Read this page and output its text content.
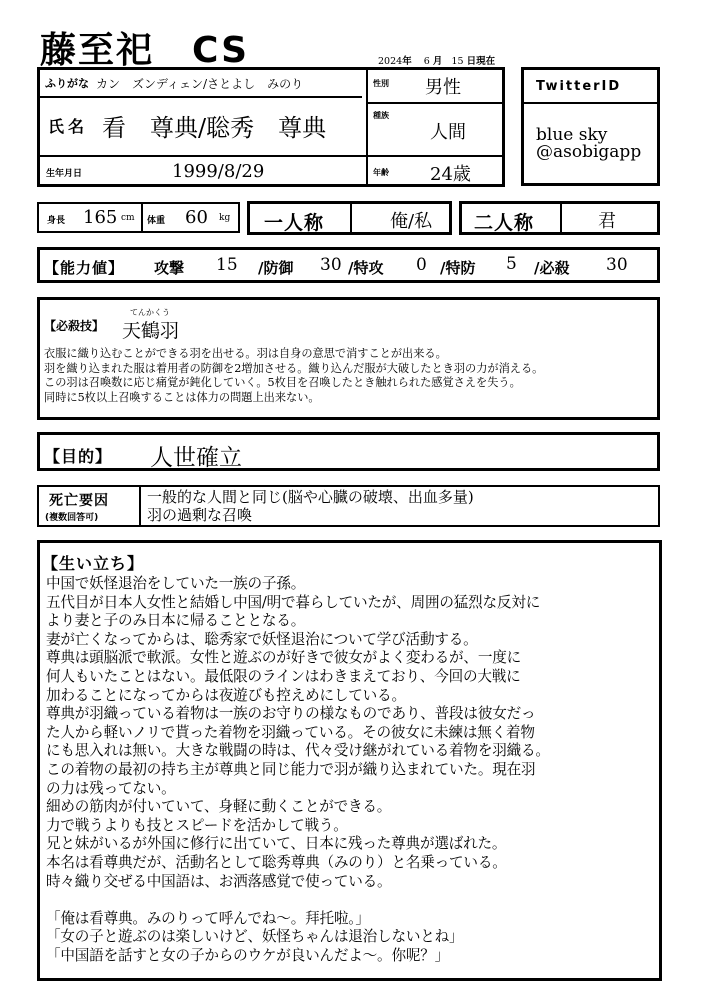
藤至祀　CS	2024年 6 月 15 日現在
ふりがな カン　ズンディェン/さとよし　みのり
氏名 看　尊典/聡秀　尊典
生年月日	1999/8/29
性別 男性
種族
人間
年齢 24歳
TwitterID
blue sky
@asobigapp
身長 165 cm 体重 60 kg 一人称	俺/私 二人称	君
【能力値】 攻撃 15 /防御 30 /特攻 0 /特防 5 /必殺 30
【必殺技】
てんかくう
天鶴羽
衣服に織り込むことができる羽を出せる。羽は自身の意思で消すことが出来る。
羽を織り込まれた服は着用者の防御を2増加させる。織り込んだ服が大破したとき羽の力が消える。
この羽は召喚数に応じ痛覚が鈍化していく。5枚目を召喚したとき触れられた感覚さえを失う。
同時に5枚以上召喚することは体力の問題上出来ない。
【目的】 人世確立
死亡要因
(複数回答可)
一般的な人間と同じ(脳や心臓の破壊、出血多量)
羽の過剰な召喚
【生い立ち】
中国で妖怪退治をしていた一族の子孫。
五代目が日本人女性と結婚し中国/明で暮らしていたが、周囲の猛烈な反対に
より妻と子のみ日本に帰ることとなる。
妻が亡くなってからは、聡秀家で妖怪退治について学び活動する。
尊典は頭脳派で軟派。女性と遊ぶのが好きで彼女がよく変わるが、一度に
何人もいたことはない。最低限のラインはわきまえており、今回の大戦に
加わることになってからは夜遊びも控えめにしている。
尊典が羽織っている着物は一族のお守りの様なものであり、普段は彼女だっ
た人から軽いノリで貰った着物を羽織っている。その彼女に未練は無く着物
にも思入れは無い。大きな戦闘の時は、代々受け継がれている着物を羽織る。
この着物の最初の持ち主が尊典と同じ能力で羽が織り込まれていた。現在羽
の力は残ってない。
細めの筋肉が付いていて、身軽に動くことができる。
力で戦うよりも技とスピードを活かして戦う。
兄と妹がいるが外国に修行に出ていて、日本に残った尊典が選ばれた。
本名は看尊典だが、活動名として聡秀尊典（みのり）と名乗っている。
時々織り交ぜる中国語は、お洒落感覚で使っている。

「俺は看尊典。みのりって呼んでね～。拜托啦。」
「女の子と遊ぶのは楽しいけど、妖怪ちゃんは退治しないとね」
「中国語を話すと女の子からのウケが良いんだよ～。你呢？」
